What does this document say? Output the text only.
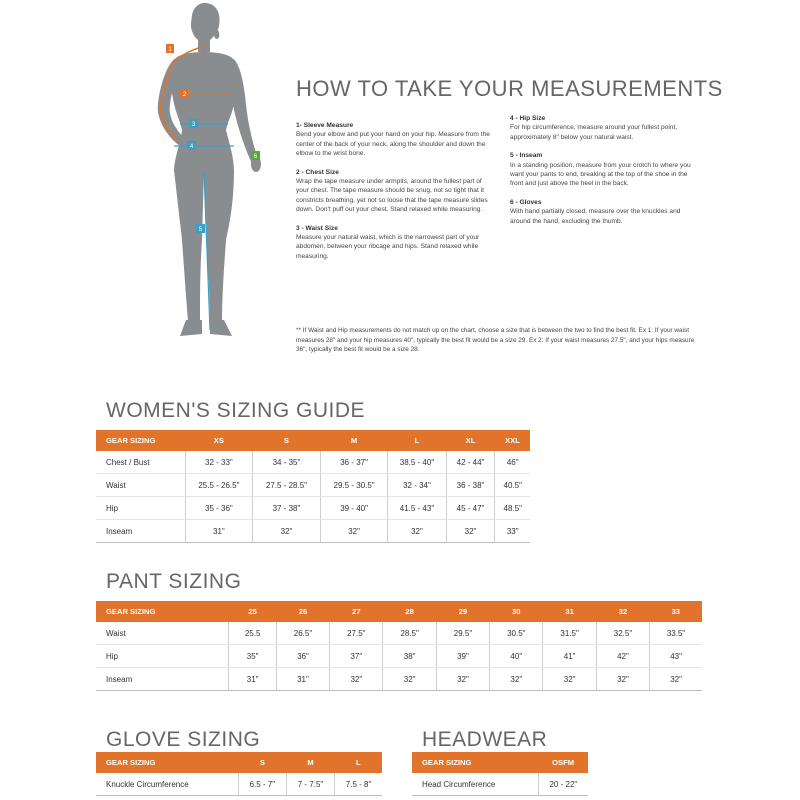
1
2
3
4
5
6
HOW TO TAKE YOUR MEASUREMENTS
1- Sleeve Measure
Bend your elbow and put your hand on your hip. Measure from the center of the back of your neck, along the shoulder and down the elbow to the wrist bone.
2 - Chest Size
Wrap the tape measure under armpits, around the fullest part of your chest. The tape measure should be snug, not so tight that it constricts breathing, yet not so loose that the tape measure slides down. Don't puff out your chest. Stand relaxed while measuring.
3 - Waist Size
Measure your natural waist, which is the narrowest part of your abdomen, between your ribcage and hips. Stand relaxed while measuring.
4 - Hip Size
For hip circumference, measure around your fullest point, approximately 8" below your natural waist.
5 - Inseam
In a standing position, measure from your crotch to where you want your pants to end, breaking at the top of the shoe in the front and just above the heel in the back.
6 - Gloves
With hand partially closed, measure over the knuckles and around the hand, excluding the thumb.
** If Waist and Hip measurements do not match up on the chart, choose a size that is between the two to find the best fit. Ex 1: If your waist measures 28" and your hip measures 40", typically the best fit would be a size 29. Ex 2: If your waist measures 27.5", and your hips measure 36", typically the best fit would be a size 28.
WOMEN'S SIZING GUIDE
GEAR SIZING	XS	S	M	L	XL	XXL
Chest / Bust	32 - 33"	34 - 35"	36 - 37"	38.5 - 40"	42 - 44"	46"
Waist	25.5 - 26.5"	27.5 - 28.5"	29.5 - 30.5"	32 - 34"	36 - 38"	40.5"
Hip	35 - 36"	37 - 38"	39 - 40"	41.5 - 43"	45 - 47"	48.5"
Inseam	31"	32"	32"	32"	32"	33"
PANT SIZING
GEAR SIZING	25	26	27	28	29	30	31	32	33
Waist	25.5	26.5"	27.5"	28.5"	29.5"	30.5"	31.5"	32.5"	33.5"
Hip	35"	36"	37"	38"	39"	40"	41"	42"	43"
Inseam	31"	31"	32"	32"	32"	32"	32"	32"	32"
GLOVE SIZING
GEAR SIZING	S	M	L
Knuckle Circumference	6.5 - 7"	7 - 7.5"	7.5 - 8"
HEADWEAR
GEAR SIZING	OSFM
Head Circumference	20 - 22"
